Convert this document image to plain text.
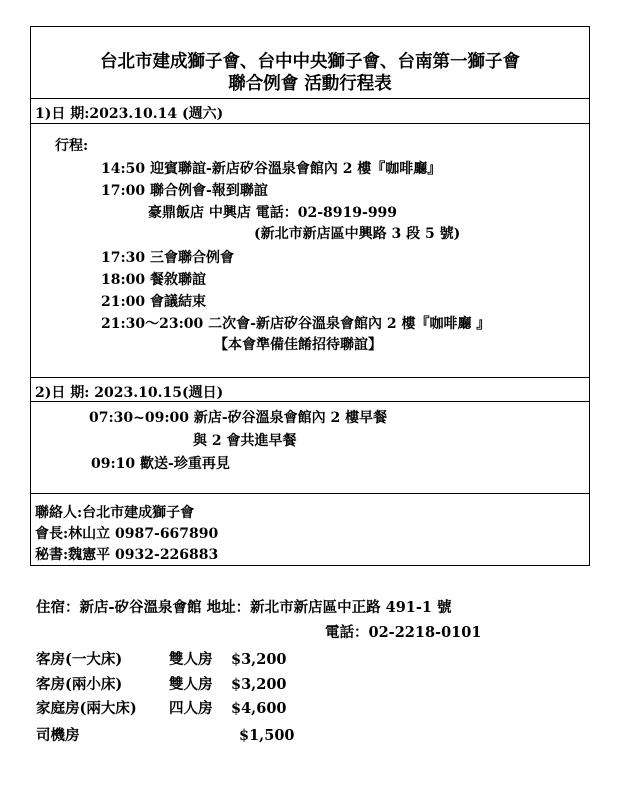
台北市建成獅子會、台中中央獅子會、台南第一獅子會
聯合例會 活動行程表
1)日 期:2023.10.14 (週六)
行程:
14:50 迎賓聯誼-新店矽谷溫泉會館內 2 樓『咖啡廳』
17:00 聯合例會-報到聯誼
豪鼎飯店 中興店 電話：02-8919-999
(新北市新店區中興路 3 段 5 號)
17:30 三會聯合例會
18:00 餐敘聯誼
21:00 會議結束
21:30～23:00 二次會-新店矽谷溫泉會館內 2 樓『咖啡廳 』
【本會準備佳餚招待聯誼】
2)日 期: 2023.10.15(週日)
07:30~09:00 新店-矽谷溫泉會館內 2 樓早餐
與 2 會共進早餐
09:10 歡送-珍重再見
聯絡人:台北市建成獅子會
會長:林山立 0987-667890
秘書:魏憲平 0932-226883
住宿：新店-矽谷溫泉會館 地址：新北市新店區中正路 491-1 號
電話：02-2218-0101
客房(一大床)	雙人房 $3,200
客房(兩小床)	雙人房 $3,200
家庭房(兩大床) 四人房 $4,600
司機房	$1,500
